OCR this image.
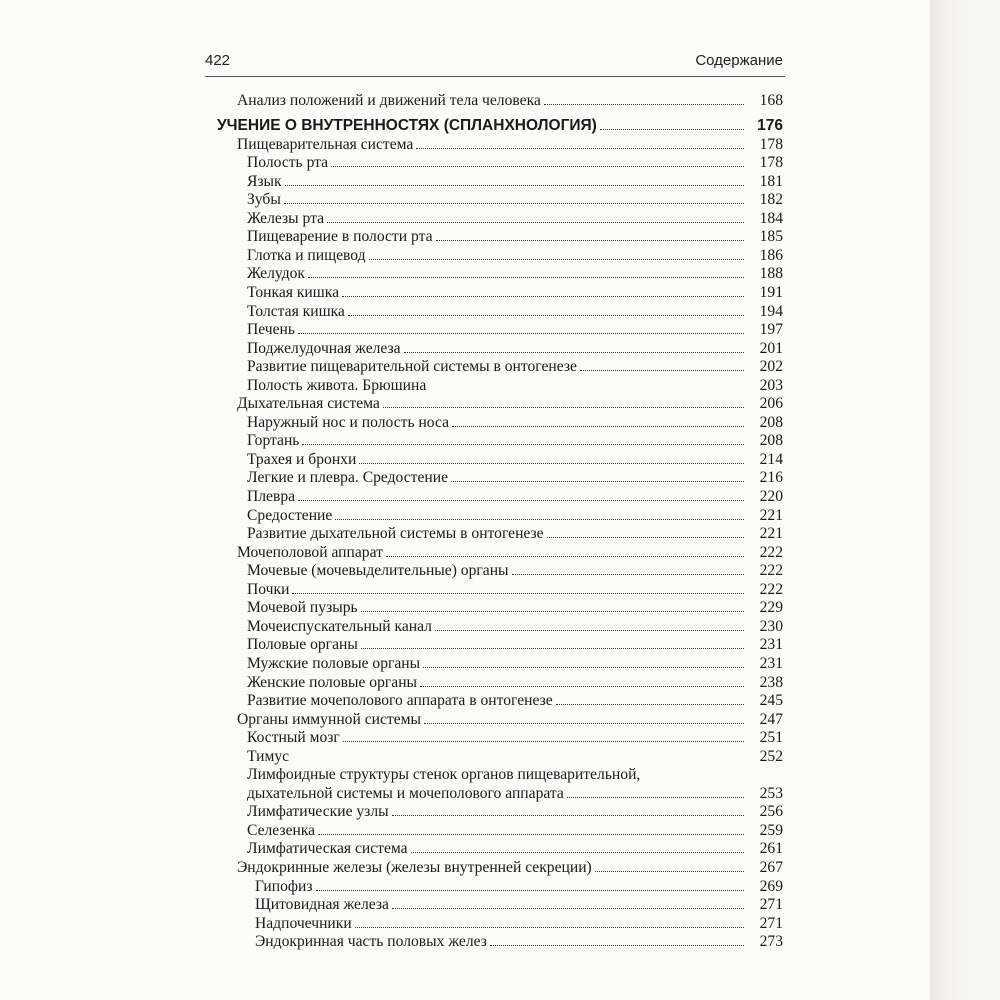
422	Содержание
Анализ положений и движений тела человека	168
УЧЕНИЕ О ВНУТРЕННОСТЯХ (СПЛАНХНОЛОГИЯ)	176
Пищеварительная система	178
Полость рта	178
Язык	181
Зубы	182
Железы рта	184
Пищеварение в полости рта	185
Глотка и пищевод	186
Желудок	188
Тонкая кишка	191
Толстая кишка	194
Печень	197
Поджелудочная железа	201
Развитие пищеварительной системы в онтогенезе	202
Полость живота. Брюшина	203
Дыхательная система	206
Наружный нос и полость носа	208
Гортань	208
Трахея и бронхи	214
Легкие и плевра. Средостение	216
Плевра	220
Средостение	221
Развитие дыхательной системы в онтогенезе	221
Мочеполовой аппарат	222
Мочевые (мочевыделительные) органы	222
Почки	222
Мочевой пузырь	229
Мочеиспускательный канал	230
Половые органы	231
Мужские половые органы	231
Женские половые органы	238
Развитие мочеполового аппарата в онтогенезе	245
Органы иммунной системы	247
Костный мозг	251
Тимус	252
Лимфоидные структуры стенок органов пищеварительной,
дыхательной системы и мочеполового аппарата	253
Лимфатические узлы	256
Селезенка	259
Лимфатическая система	261
Эндокринные железы (железы внутренней секреции)	267
Гипофиз	269
Щитовидная железа	271
Надпочечники	271
Эндокринная часть половых желез	273
